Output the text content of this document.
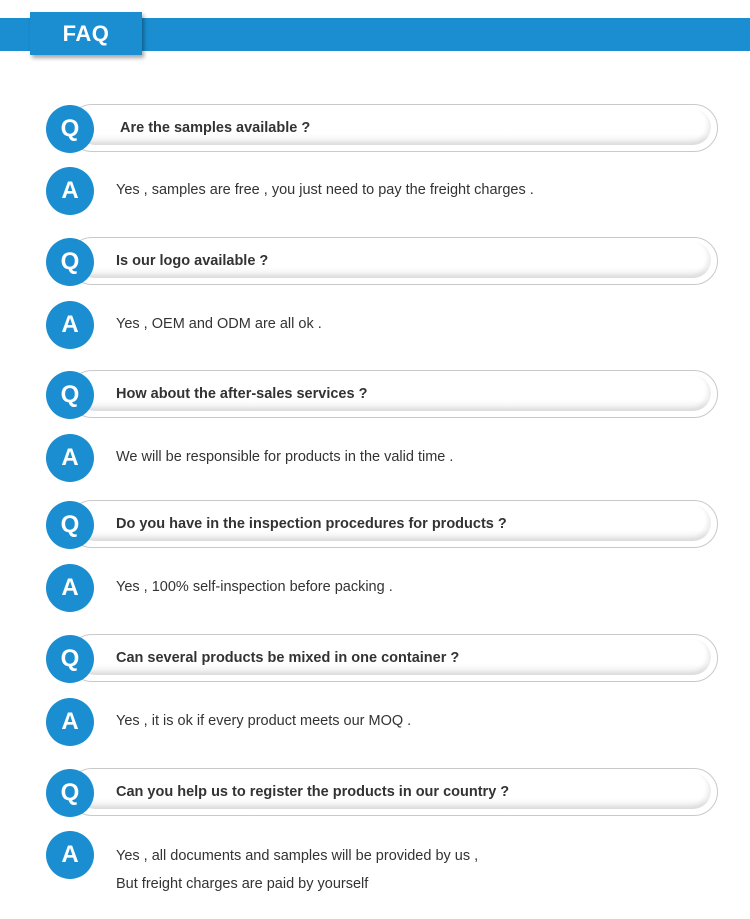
FAQ
Q	Are the samples available ?
A	Yes , samples are free , you just need to pay the freight charges .
Q	Is our logo available ?
A	Yes , OEM and ODM are all ok .
Q	How about the after-sales services ?
A	We will be responsible for products in the valid time .
Q	Do you have in the inspection procedures for products ?
A	Yes , 100% self-inspection before packing .
Q	Can several products be mixed in one container ?
A	Yes , it is ok if every product meets our MOQ .
Q	Can you help us to register the products in our country ?
A	Yes , all documents and samples will be provided by us ,
But freight charges are paid by yourself
